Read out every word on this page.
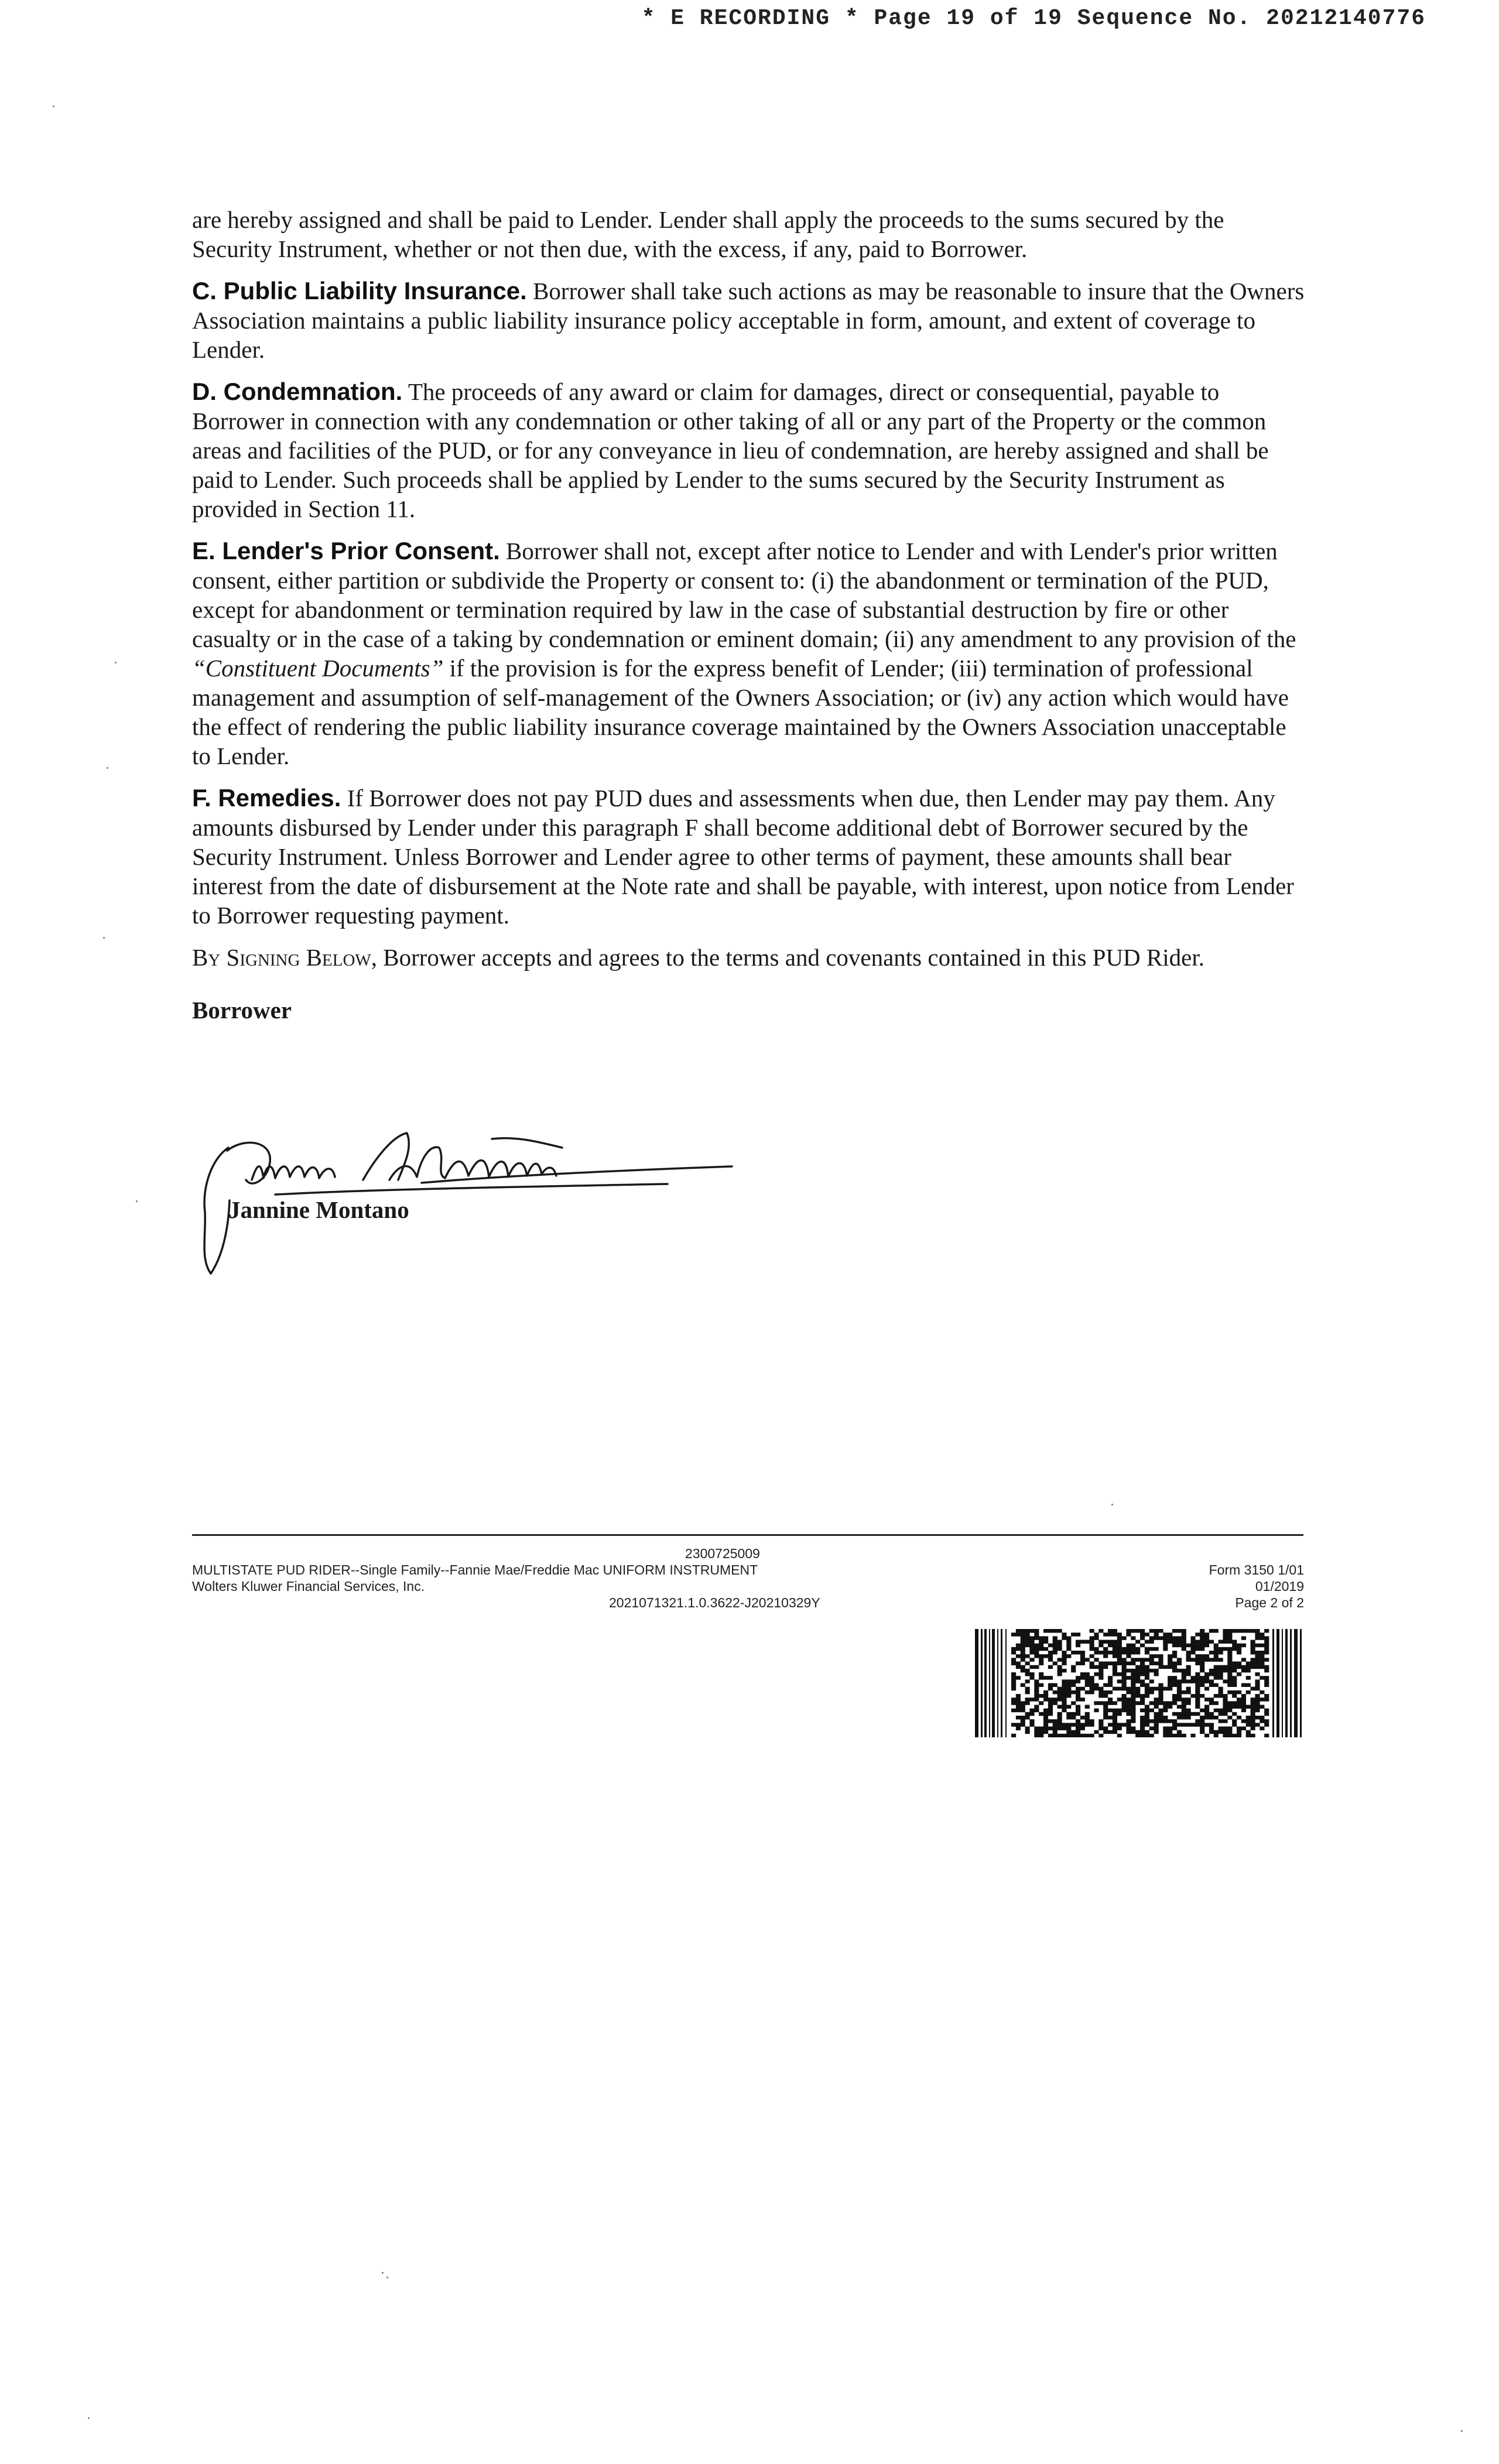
* E RECORDING * Page 19 of 19 Sequence No. 20212140776

are hereby assigned and shall be paid to Lender. Lender shall apply the proceeds to the sums secured by the Security Instrument, whether or not then due, with the excess, if any, paid to Borrower.

C. Public Liability Insurance. Borrower shall take such actions as may be reasonable to insure that the Owners Association maintains a public liability insurance policy acceptable in form, amount, and extent of coverage to Lender.

D. Condemnation. The proceeds of any award or claim for damages, direct or consequential, payable to Borrower in connection with any condemnation or other taking of all or any part of the Property or the common areas and facilities of the PUD, or for any conveyance in lieu of condemnation, are hereby assigned and shall be paid to Lender. Such proceeds shall be applied by Lender to the sums secured by the Security Instrument as provided in Section 11.

E. Lender's Prior Consent. Borrower shall not, except after notice to Lender and with Lender's prior written consent, either partition or subdivide the Property or consent to: (i) the abandonment or termination of the PUD, except for abandonment or termination required by law in the case of substantial destruction by fire or other casualty or in the case of a taking by condemnation or eminent domain; (ii) any amendment to any provision of the “Constituent Documents” if the provision is for the express benefit of Lender; (iii) termination of professional management and assumption of self-management of the Owners Association; or (iv) any action which would have the effect of rendering the public liability insurance coverage maintained by the Owners Association unacceptable to Lender.

F. Remedies. If Borrower does not pay PUD dues and assessments when due, then Lender may pay them. Any amounts disbursed by Lender under this paragraph F shall become additional debt of Borrower secured by the Security Instrument. Unless Borrower and Lender agree to other terms of payment, these amounts shall bear interest from the date of disbursement at the Note rate and shall be payable, with interest, upon notice from Lender to Borrower requesting payment.

By Signing Below, Borrower accepts and agrees to the terms and covenants contained in this PUD Rider.

Borrower
Jannine Montano
2300725009
MULTISTATE PUD RIDER--Single Family--Fannie Mae/Freddie Mac UNIFORM INSTRUMENT
Wolters Kluwer Financial Services, Inc.
2021071321.1.0.3622-J20210329Y
Form 3150 1/01
01/2019
Page 2 of 2
